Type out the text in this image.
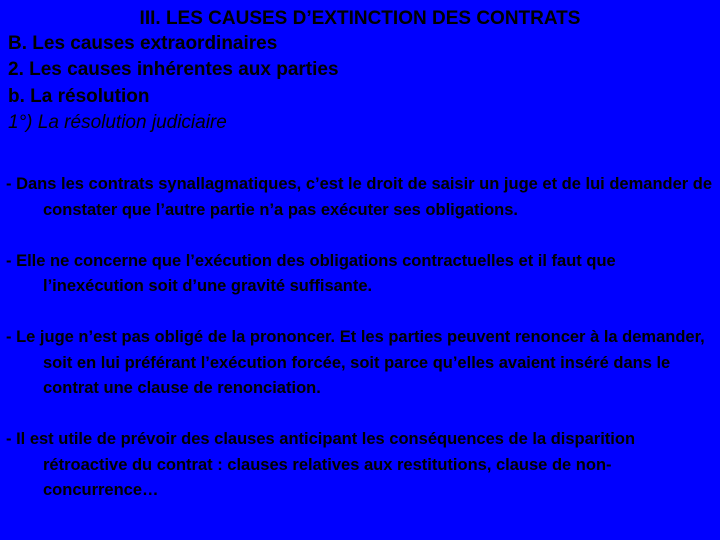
III. LES CAUSES D’EXTINCTION DES CONTRATS
B. Les causes extraordinaires
2. Les causes inhérentes aux parties
b. La résolution
1°) La résolution judiciaire
- Dans les contrats synallagmatiques, c’est le droit de saisir un juge et de lui demander de constater que l’autre partie n’a pas exécuter ses obligations.
- Elle ne concerne que l’exécution des obligations contractuelles et il faut que l’inexécution soit d’une gravité suffisante.
- Le juge n’est pas obligé de la prononcer. Et les parties peuvent renoncer à la demander, soit en lui préférant l’exécution forcée, soit parce qu’elles avaient inséré dans le contrat une clause de renonciation.
- Il est utile de prévoir des clauses anticipant les conséquences de la disparition rétroactive du contrat : clauses relatives aux restitutions, clause de non-concurrence…
